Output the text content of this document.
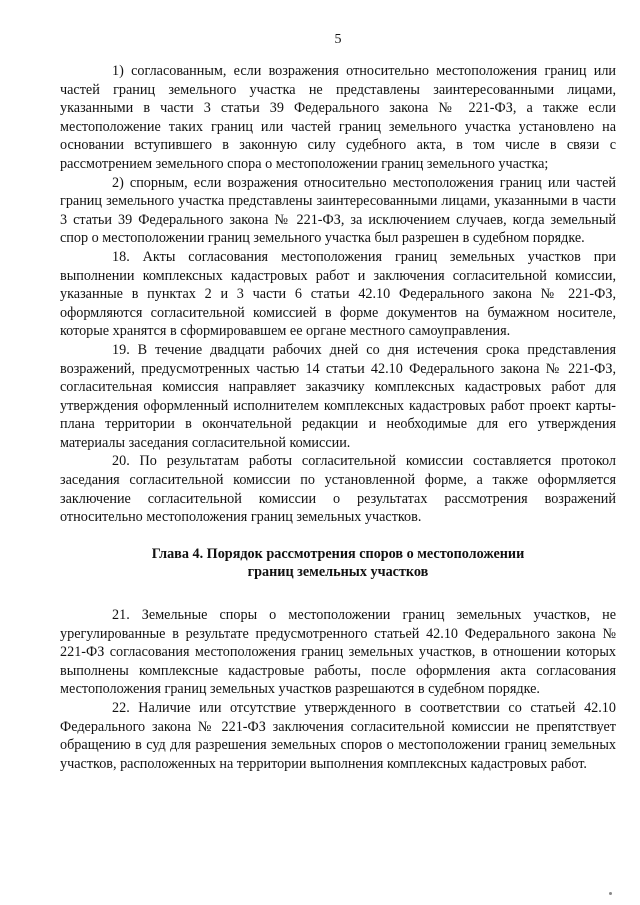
5

1) согласованным, если возражения относительно местоположения границ или частей границ земельного участка не представлены заинтересованными лицами, указанными в части 3 статьи 39 Федерального закона № 221-ФЗ, а также если местоположение таких границ или частей границ земельного участка установлено на основании вступившего в законную силу судебного акта, в том числе в связи с рассмотрением земельного спора о местоположении границ земельного участка;

2) спорным, если возражения относительно местоположения границ или частей границ земельного участка представлены заинтересованными лицами, указанными в части 3 статьи 39 Федерального закона № 221-ФЗ, за исключением случаев, когда земельный спор о местоположении границ земельного участка был разрешен в судебном порядке.

18. Акты согласования местоположения границ земельных участков при выполнении комплексных кадастровых работ и заключения согласительной комиссии, указанные в пунктах 2 и 3 части 6 статьи 42.10 Федерального закона № 221-ФЗ, оформляются согласительной комиссией в форме документов на бумажном носителе, которые хранятся в сформировавшем ее органе местного самоуправления.

19. В течение двадцати рабочих дней со дня истечения срока представления возражений, предусмотренных частью 14 статьи 42.10 Федерального закона № 221-ФЗ, согласительная комиссия направляет заказчику комплексных кадастровых работ для утверждения оформленный исполнителем комплексных кадастровых работ проект карты-плана территории в окончательной редакции и необходимые для его утверждения материалы заседания согласительной комиссии.

20. По результатам работы согласительной комиссии составляется протокол заседания согласительной комиссии по установленной форме, а также оформляется заключение согласительной комиссии о результатах рассмотрения возражений относительно местоположения границ земельных участков.

Глава 4. Порядок рассмотрения споров о местоположении
границ земельных участков

21. Земельные споры о местоположении границ земельных участков, не урегулированные в результате предусмотренного статьей 42.10 Федерального закона № 221-ФЗ согласования местоположения границ земельных участков, в отношении которых выполнены комплексные кадастровые работы, после оформления акта согласования местоположения границ земельных участков разрешаются в судебном порядке.

22. Наличие или отсутствие утвержденного в соответствии со статьей 42.10 Федерального закона № 221-ФЗ заключения согласительной комиссии не препятствует обращению в суд для разрешения земельных споров о местоположении границ земельных участков, расположенных на территории выполнения комплексных кадастровых работ.
